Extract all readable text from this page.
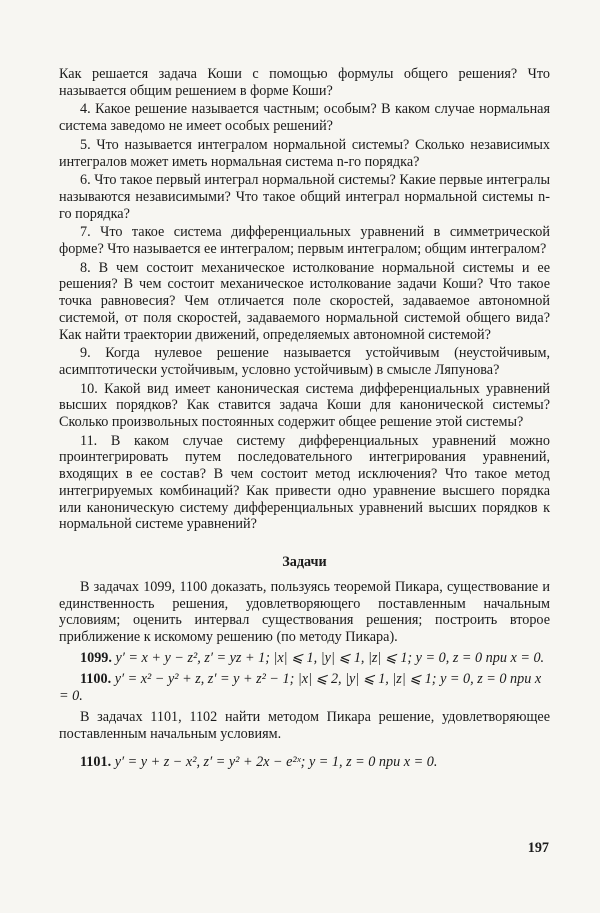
Как решается задача Коши с помощью формулы общего решения? Что называется общим решением в форме Коши?

4. Какое решение называется частным; особым? В каком случае нормальная система заведомо не имеет особых решений?

5. Что называется интегралом нормальной системы? Сколько независимых интегралов может иметь нормальная система n-го порядка?

6. Что такое первый интеграл нормальной системы? Какие первые интегралы называются независимыми? Что такое общий интеграл нормальной системы n-го порядка?

7. Что такое система дифференциальных уравнений в симметрической форме? Что называется ее интегралом; первым интегралом; общим интегралом?

8. В чем состоит механическое истолкование нормальной системы и ее решения? В чем состоит механическое истолкование задачи Коши? Что такое точка равновесия? Чем отличается поле скоростей, задаваемое автономной системой, от поля скоростей, задаваемого нормальной системой общего вида? Как найти траектории движений, определяемых автономной системой?

9. Когда нулевое решение называется устойчивым (неустойчивым, асимптотически устойчивым, условно устойчивым) в смысле Ляпунова?

10. Какой вид имеет каноническая система дифференциальных уравнений высших порядков? Как ставится задача Коши для канонической системы? Сколько произвольных постоянных содержит общее решение этой системы?

11. В каком случае систему дифференциальных уравнений можно проинтегрировать путем последовательного интегрирования уравнений, входящих в ее состав? В чем состоит метод исключения? Что такое метод интегрируемых комбинаций? Как привести одно уравнение высшего порядка или каноническую систему дифференциальных уравнений высших порядков к нормальной системе уравнений?

Задачи

В задачах 1099, 1100 доказать, пользуясь теоремой Пикара, существование и единственность решения, удовлетворяющего поставленным начальным условиям; оценить интервал существования решения; построить второе приближение к искомому решению (по методу Пикара).

1099. y′ = x + y − z², z′ = yz + 1; |x| ⩽ 1, |y| ⩽ 1, |z| ⩽ 1; y = 0, z = 0 при x = 0.

1100. y′ = x² − y² + z, z′ = y + z² − 1; |x| ⩽ 2, |y| ⩽ 1, |z| ⩽ 1; y = 0, z = 0 при x = 0.

В задачах 1101, 1102 найти методом Пикара решение, удовлетворяющее поставленным начальным условиям.

1101. y′ = y + z − x², z′ = y² + 2x − e²ˣ; y = 1, z = 0 при x = 0.

197
